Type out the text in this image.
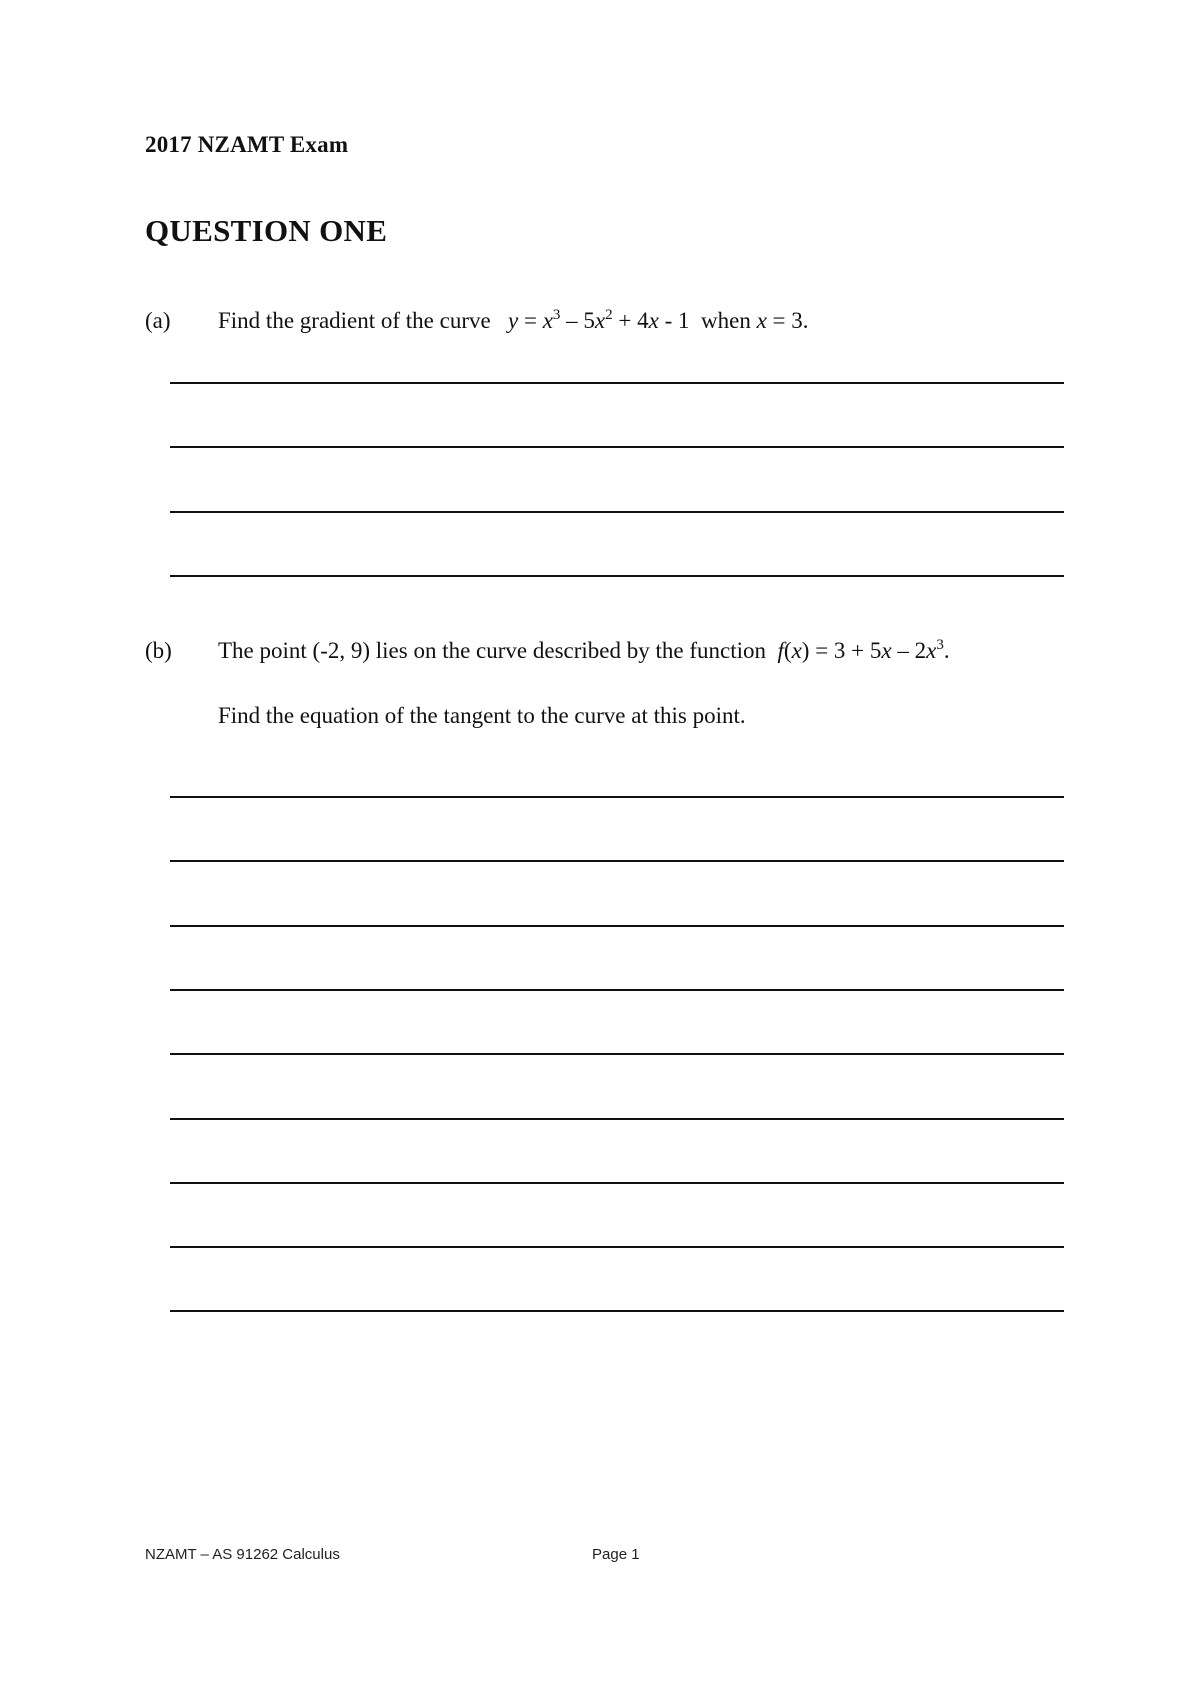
2017 NZAMT Exam
QUESTION ONE
(a) Find the gradient of the curve $y = x^3 - 5x^2 + 4x - 1$ when x = 3.
(b) The point (-2, 9) lies on the curve described by the function $f(x) = 3 + 5x - 2x^3$.
Find the equation of the tangent to the curve at this point.
NZAMT – AS 91262 Calculus	Page 1
